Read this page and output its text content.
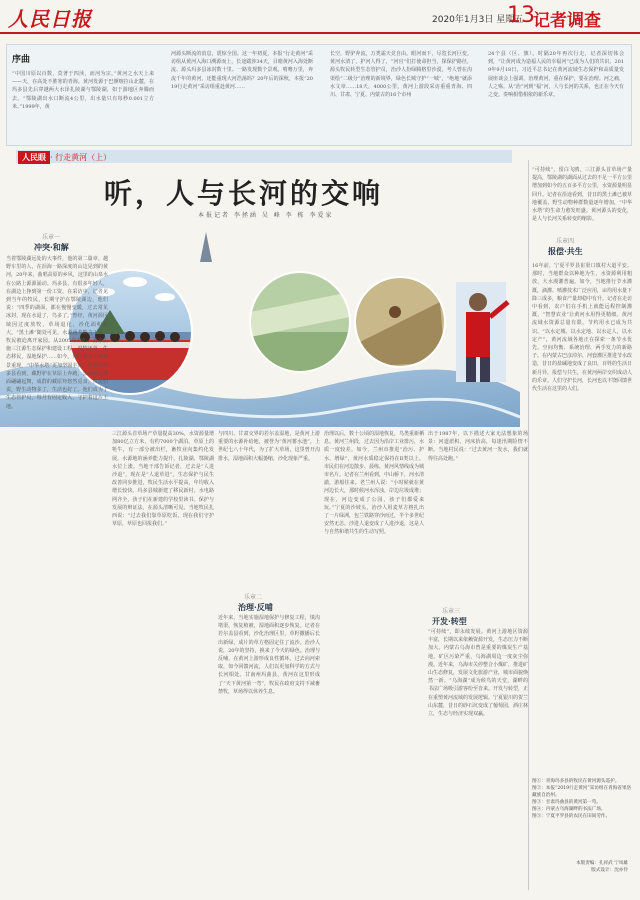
人民日报	2020年1月3日 星期五
13
记者调查
序曲
“中国川原以百数，莫著于四渎，而河为宗。”黄河之水天上来——天，在高处不胜寒的青海。黄河发源于巴颜喀拉山北麓，在玛多县先后穿越两大水泽扎陵湖与鄂陵湖，如于游地区奔腾而去。“鄂陵湖出水口断流4公里，出水量只有每秒0.001立方米。”1999年，黄
河源头断流的消息，震惊全国。这一年初夏，本报“行走黄河”采访组从黄河入海口溯源而上，长途跋涉34天，目睹黄河入海处断流、源头玛多县冰封数十里、一路发现数个景观。啃噜万里，奔流千年的黄河，还能重现大河浩荡吗？20年后的深秋，本报“2019行走黄河”采访组重赴黄河……
长空，野驴奔流，万类霜天竞自由。眼河而下，尽览长河巨变。黄河水清了，护河人得了，“河官”们打使命担当，探保护路径，源头牧民转型生态管护员，治沙人扮绿腾格里沙漠，考人曾在沟渠绘“二级分”治理的新境界，绿色长城守护“一城”，“绝地”就添水文章……18天，4000公里，黄河上游段采访重重青海、四川、甘肃、宁夏、内蒙古的16个市州
24个县（区、旗）。时隔20年再次行走，记者深切体会到，“让黄河成为造福人民的幸福河”已成为人们的共识。2019年9月18日，习近平总书记在黄河流域生态保护和高质量发展座谈会上强调，治理黄河，重在保护，要在治理。河之痛，人之殇。从“治”河到“福”河，人与长河的关系，也正在今天有之变。奏响相惜相依的新乐章。
人民眼 · 行走黄河（上）
听，人与长河的交响
本报记者 李拯涵 吴 峰 李 栋 李爱家
乐章一
冲突·和解
当着鄂陵湖远处的大事件，他的第二篇章。越野车里的人，在泪海一路深度的山边见到的黄河，20年来，曲唱高原的乡风，这里的山泉水在公路上源源涌动。玛多县，有很多年轻人，在湖边上挣到第一份工资。在采访中，记者见到当年的牧民，长期守护在鄂陵湖边，他们说：“四季的湖面，都在慢慢变暖，过去常见冰封，现在水退了，鸟多了。”曾经，黄河源区域因过度放牧，草场退化，沙化面积扩大，“黑土滩”随处可见，水源涵养能力下降，牧民被迫离开家园。从2005年开始，国家实施三江源生态保护和建设工程，退牧还草，生态移民，湿地保护……如今，黄河源头千湖美景重现，“中华水塔”更加坚固丰沛。记者在玛多县看到，藏野驴在草原上奔跑，黑颈鹤在湖面翩翩起舞，成群的藏原羚悠然觅食。牧民们说，野生动物多了，生活也好了。他们成为了生态管护员，每月有固定收入，守护着这片土地。
三江源头首草场产草量提高30%，水资源量增加80亿立方米，有约7000个湖泊。草原上的牦牛，有一部分被出栏，畜牧业向集约化发展。水源地的涵养能力提升，扎陵湖、鄂陵湖水位上涨。当地干部告诉记者，过去是“人进沙退”，现在是“人退草进”。生态保护与民生改善同步推进，牧民生活水平提高，年均收入增长较快。玛多县城新建了移民新村，水电路网齐全，孩子们在新建的学校里读书。保护与发展的辩证法，在源头清晰可见。当地牧民扎西说：“过去我们靠草原吃饭，现在我们守护草原，草原也回报我们。”
与四川、甘肃交界的若尔盖湿地，是黄河上游重要的水源补给地，被誉为“黄河蓄水池”。上世纪七八十年代，为了扩大草场，这里曾开沟排水，湿地面积大幅萎缩，沙化现象严重。
乐章二
治理·反哺
近年来，当地实施湿地保护与修复工程，填沟堵渠，恢复植被，湿地面积逐步恢复。记者在若尔盖县看到，沙化治理区里，草籽撒播后长出新绿，成片的草方格固定住了流沙。治沙人说，20年的坚持，换来了今天的绿色。治理与反哺，在黄河上游形成良性循环。过去向河索取，如今回馈河流，人们以更加科学的方式与长河相处。甘南州玛曲县，黄河在这里形成了“天下黄河第一弯”，牧民在政府支持下减畜禁牧，草场得以休养生息。
治理以后，数十公顷的湿地恢复，鸟类重新栖息。黄河兰州段，过去因为沿岸工业排污，水质一度较差。如今，兰州市推进“治污、护水、增绿”，黄河水质稳定保持在Ⅱ类以上。市民们在河边散步、晨练，黄河风情线成为城市名片。记者在兰州看到，中山桥下，河水清澈，游船往来。老兰州人说：“小时候就在黄河边长大，那时候河水浑浊，岸边垃圾成堆；现在，河边变成了公园，孩子们都爱来玩。”宁夏的沙坡头，治沙人用麦草方格扎出了一片绿洲，包兰铁路穿沙而过，半个多世纪安然无恙。沙进人退变成了人进沙退，这是人与自然和谐共生的生动写照。
出于1987年，以下描述大家无法想象的场景：河道淤积、河床抬高，每逢汛期险情不断。当地村民说：“过去黄河一发水，我们就得往高处跑。”
乐章三
开发·转型
“可持续”，即永续发展。黄河上游地区资源丰富，长期以来依赖资源开发，生态压力不断加大。内蒙古乌海市曾是重要的煤炭生产基地，矿区污染严重，乌海湖周边一度灰尘弥漫。近年来，乌海市关停整合小煤矿，推进矿山生态修复，发展文化旅游产业，城市面貌焕然一新。“乌海湖”成为候鸟的天堂，湖畔的书法广场吸引游客纷至沓来。开发与转型，正在重塑黄河流域的发展逻辑。宁夏银川的贺兰山东麓，昔日的砂石坑变成了葡萄园，酒庄林立，生态与经济实现双赢。
“可持续”，留白飞鸥。三江源头首草场产量提高，鄂陵湖的湖面从过去的不足一平方公里增加到如今的五百多平方公里，水资源量明显回升。记者在沿途看到，昔日的黑土滩已被草地覆盖，野生动物种群数量逐年增加，“中华水塔”的生命力愈发旺盛。黄河源头的变化，是人与长河关系转变的缩影。
乐章四
报偿·共生
16年前，宁夏平罗县崔渠口镇村大道平安。那时，当地群众以种地为生，水资源利用粗放，大水漫灌普遍。如今，当地推行节水灌溉，滴灌、喷灌技术广泛应用，亩均用水量下降三成多，粮食产量却稳中有升。记者在走访中看到，农户们在手机上就能远程控制灌溉，“智慧农业”让黄河水用得更精细。黄河流域水资源总量有限，节约用水已成为共识。“以水定城、以水定地、以水定人、以水定产”，黄河流域各地正在探索一条节水优先、空间均衡、系统治理、两手发力的新路子。在内蒙古巴彦淖尔，河套灌区推进节水改造，昔日的盐碱地变成了良田，百姓的生活日新月异。报偿与共生，在黄河两岸交织成动人的乐章。人们守护长河，长河也以丰饶回馈世代生活在这里的人们。
图①：青海玛多县的牧民在黄河源头巡护。
图②：本报“2019行走黄河”采访组在青海省果洛藏族自治州。
图③：甘肃玛曲县的黄河第一弯。
图④：内蒙古乌海湖畔的书法广场。
图⑤：宁夏平罗县的农民在田间劳作。
本版责编：孔祥武 宁凤雄
版式设计：沈亦伶
